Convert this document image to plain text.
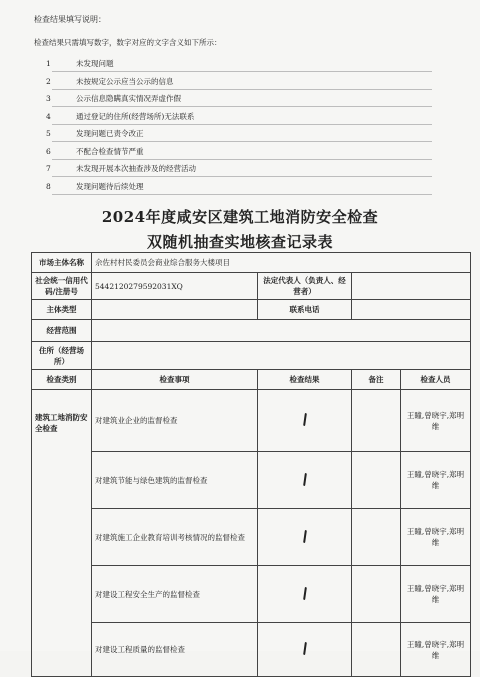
检查结果填写说明：
检查结果只需填写数字，数字对应的文字含义如下所示：
1	未发现问题
2	未按规定公示应当公示的信息
3	公示信息隐瞒真实情况弄虚作假
4	通过登记的住所(经营场所)无法联系
5	发现问题已责令改正
6	不配合检查情节严重
7	未发现开展本次抽查涉及的经营活动
8	发现问题待后续处理
2024年度咸安区建筑工地消防安全检查
双随机抽查实地核查记录表
市场主体名称	佘佐村村民委员会商业综合服务大楼项目			
社会统一信用代码/注册号	5442120279592031XQ	法定代表人（负责人、经营者）		
主体类型		联系电话		
经营范围				
住所（经营场所）				
检查类别	检查事项	检查结果	备注	检查人员
建筑工地消防安全检查	对建筑业企业的监督检查			王瞳,曾晓宇,郑明维
	对建筑节能与绿色建筑的监督检查			王瞳,曾晓宇,郑明维
	对建筑施工企业教育培训考核情况的监督检查			王瞳,曾晓宇,郑明维
	对建设工程安全生产的监督检查			王瞳,曾晓宇,郑明维
	对建设工程质量的监督检查			王瞳,曾晓宇,郑明维
